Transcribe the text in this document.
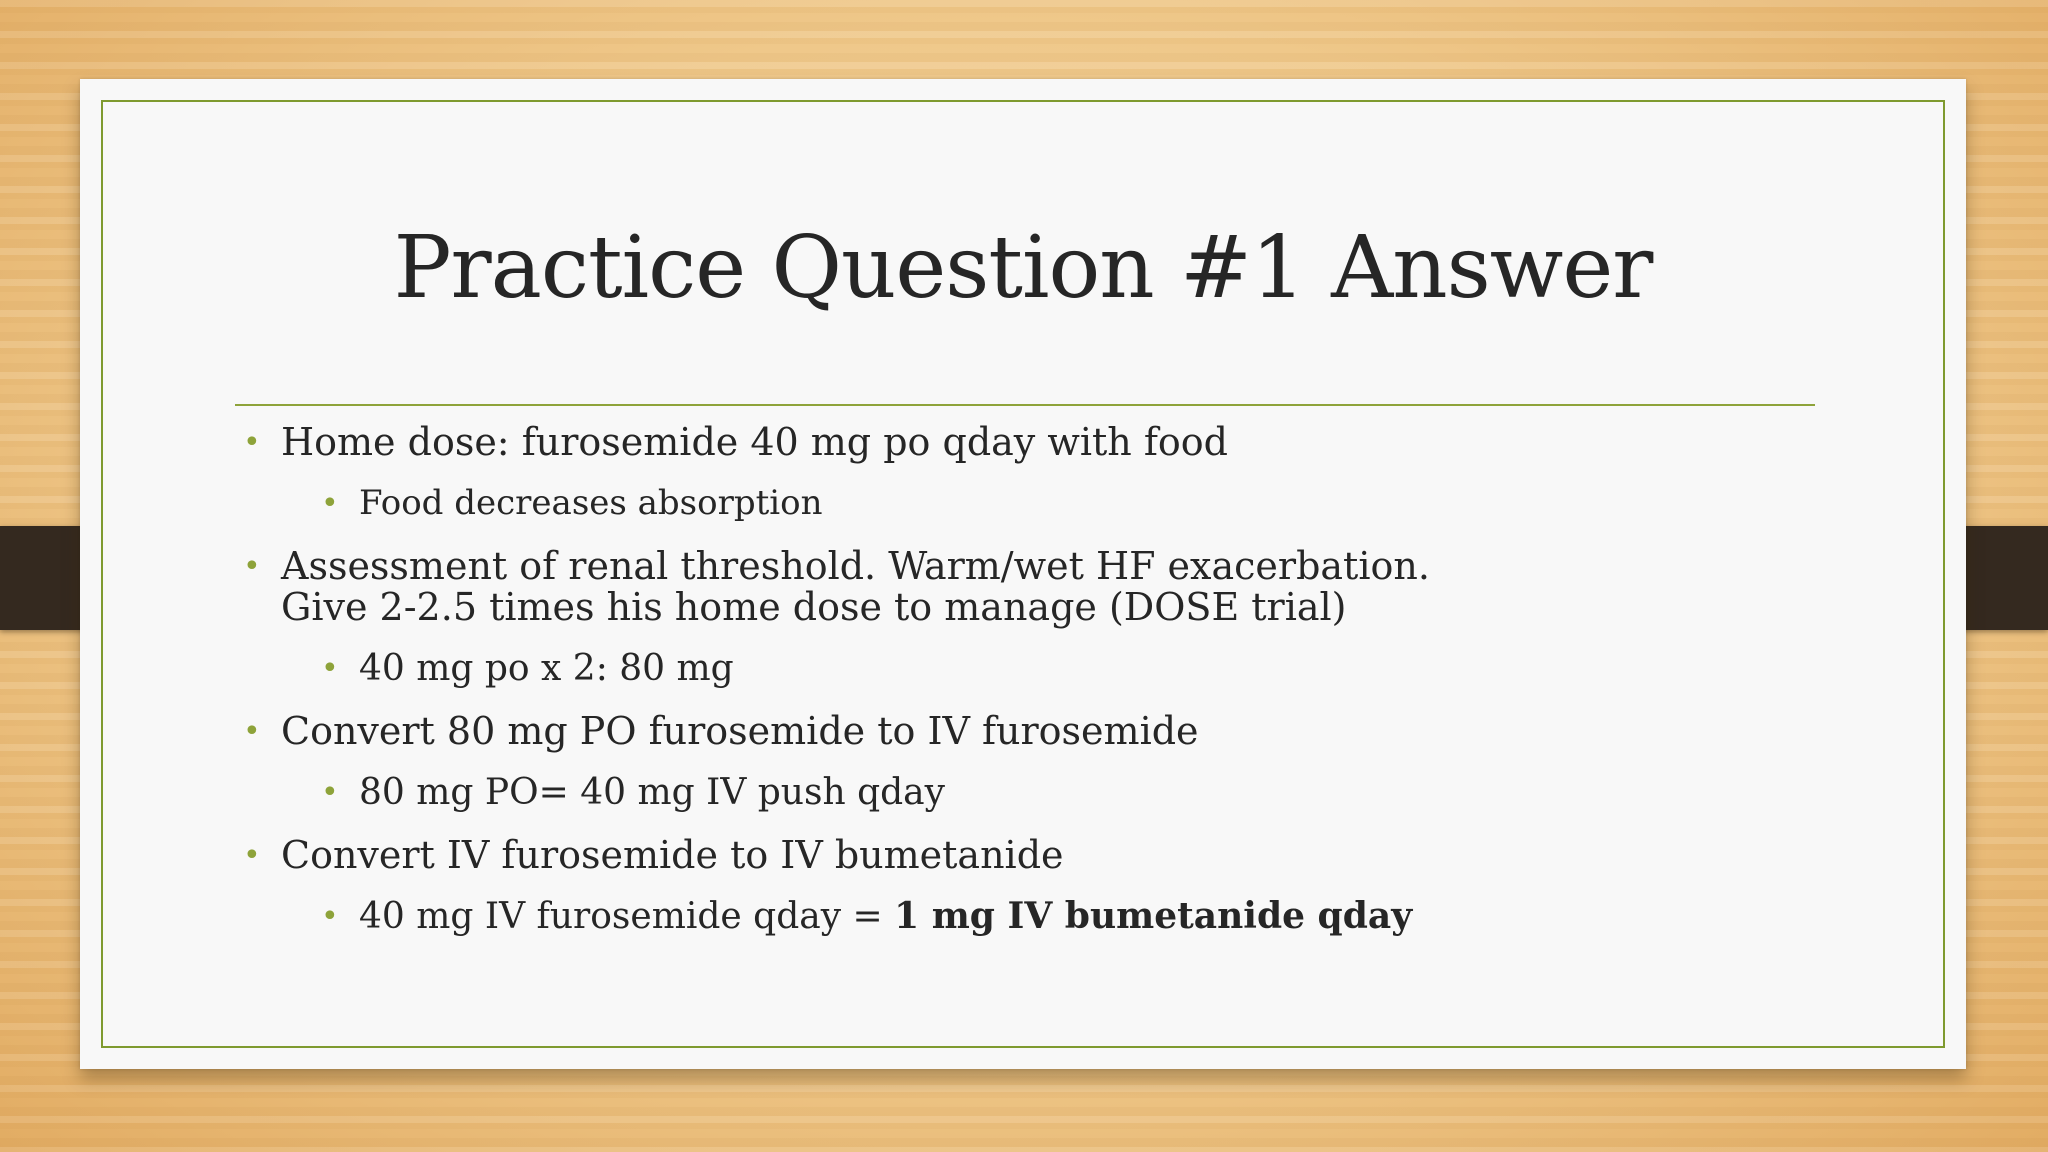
Practice Question #1 Answer
• Home dose: furosemide 40 mg po qday with food
• Food decreases absorption
• Assessment of renal threshold. Warm/wet HF exacerbation.
Give 2-2.5 times his home dose to manage (DOSE trial)
• 40 mg po x 2: 80 mg
• Convert 80 mg PO furosemide to IV furosemide
• 80 mg PO= 40 mg IV push qday
• Convert IV furosemide to IV bumetanide
• 40 mg IV furosemide qday = 1 mg IV bumetanide qday
